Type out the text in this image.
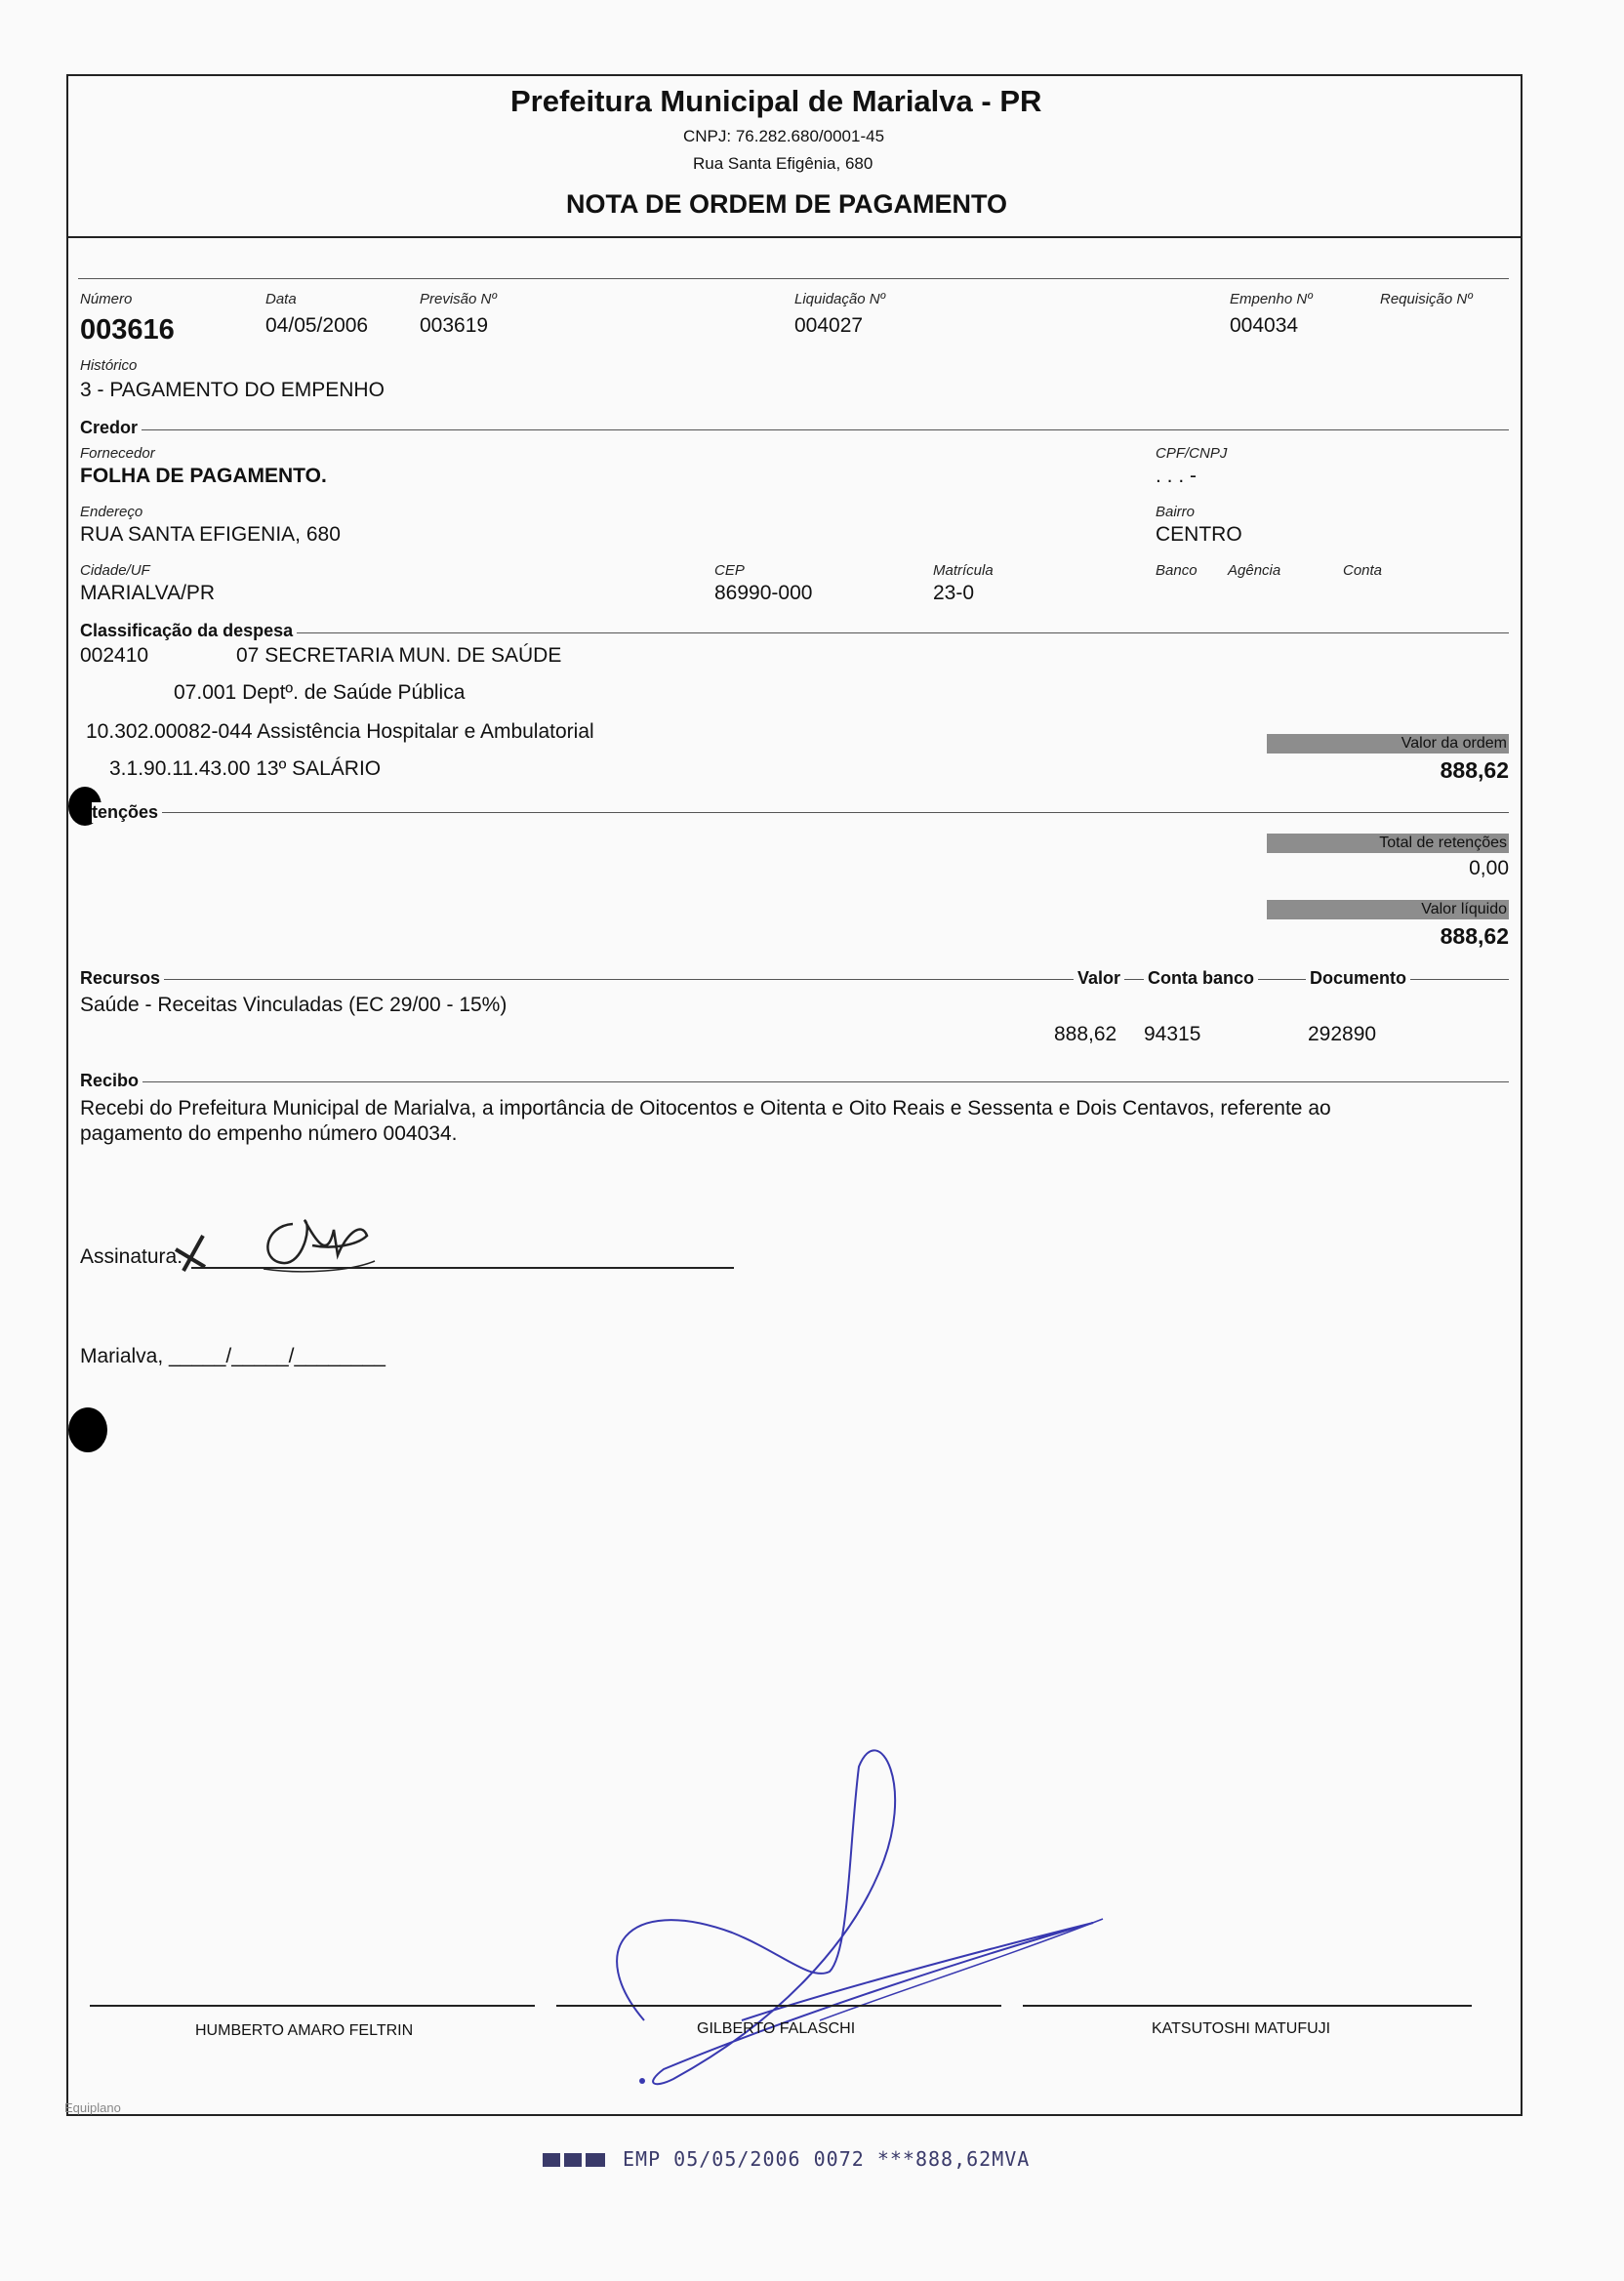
Prefeitura Municipal de Marialva - PR
CNPJ: 76.282.680/0001-45
Rua Santa Efigênia, 680
NOTA DE ORDEM DE PAGAMENTO
Número
003616
Data
04/05/2006
Previsão Nº
003619
Liquidação Nº
004027
Empenho Nº
004034
Requisição Nº
Histórico
3 - PAGAMENTO DO EMPENHO
Credor
Fornecedor
FOLHA DE PAGAMENTO.
CPF/CNPJ
. . . -
Endereço
RUA SANTA EFIGENIA, 680
Bairro
CENTRO
Cidade/UF
MARIALVA/PR
CEP
86990-000
Matrícula
23-0
Banco Agência	Conta
Classificação da despesa
002410	07 SECRETARIA MUN. DE SAÚDE
07.001 Deptº. de Saúde Pública
10.302.00082-044 Assistência Hospitalar e Ambulatorial
3.1.90.11.43.00 13º SALÁRIO
Valor da ordem
888,62
tenções
Total de retenções
0,00
Valor líquido
888,62
Recursos	Valor Conta banco	Documento
Saúde - Receitas Vinculadas (EC 29/00 - 15%)
888,62 94315	292890
Recibo
Recebi do Prefeitura Municipal de Marialva, a importância de Oitocentos e Oitenta e Oito Reais e Sessenta e Dois Centavos, referente ao
pagamento do empenho número 004034.
Assinatura:
Marialva, _____/_____/________
HUMBERTO AMARO FELTRIN	GILBERTO FALASCHI	KATSUTOSHI MATUFUJI
Equiplano
EMP 05/05/2006 0072 ***888,62MVA
